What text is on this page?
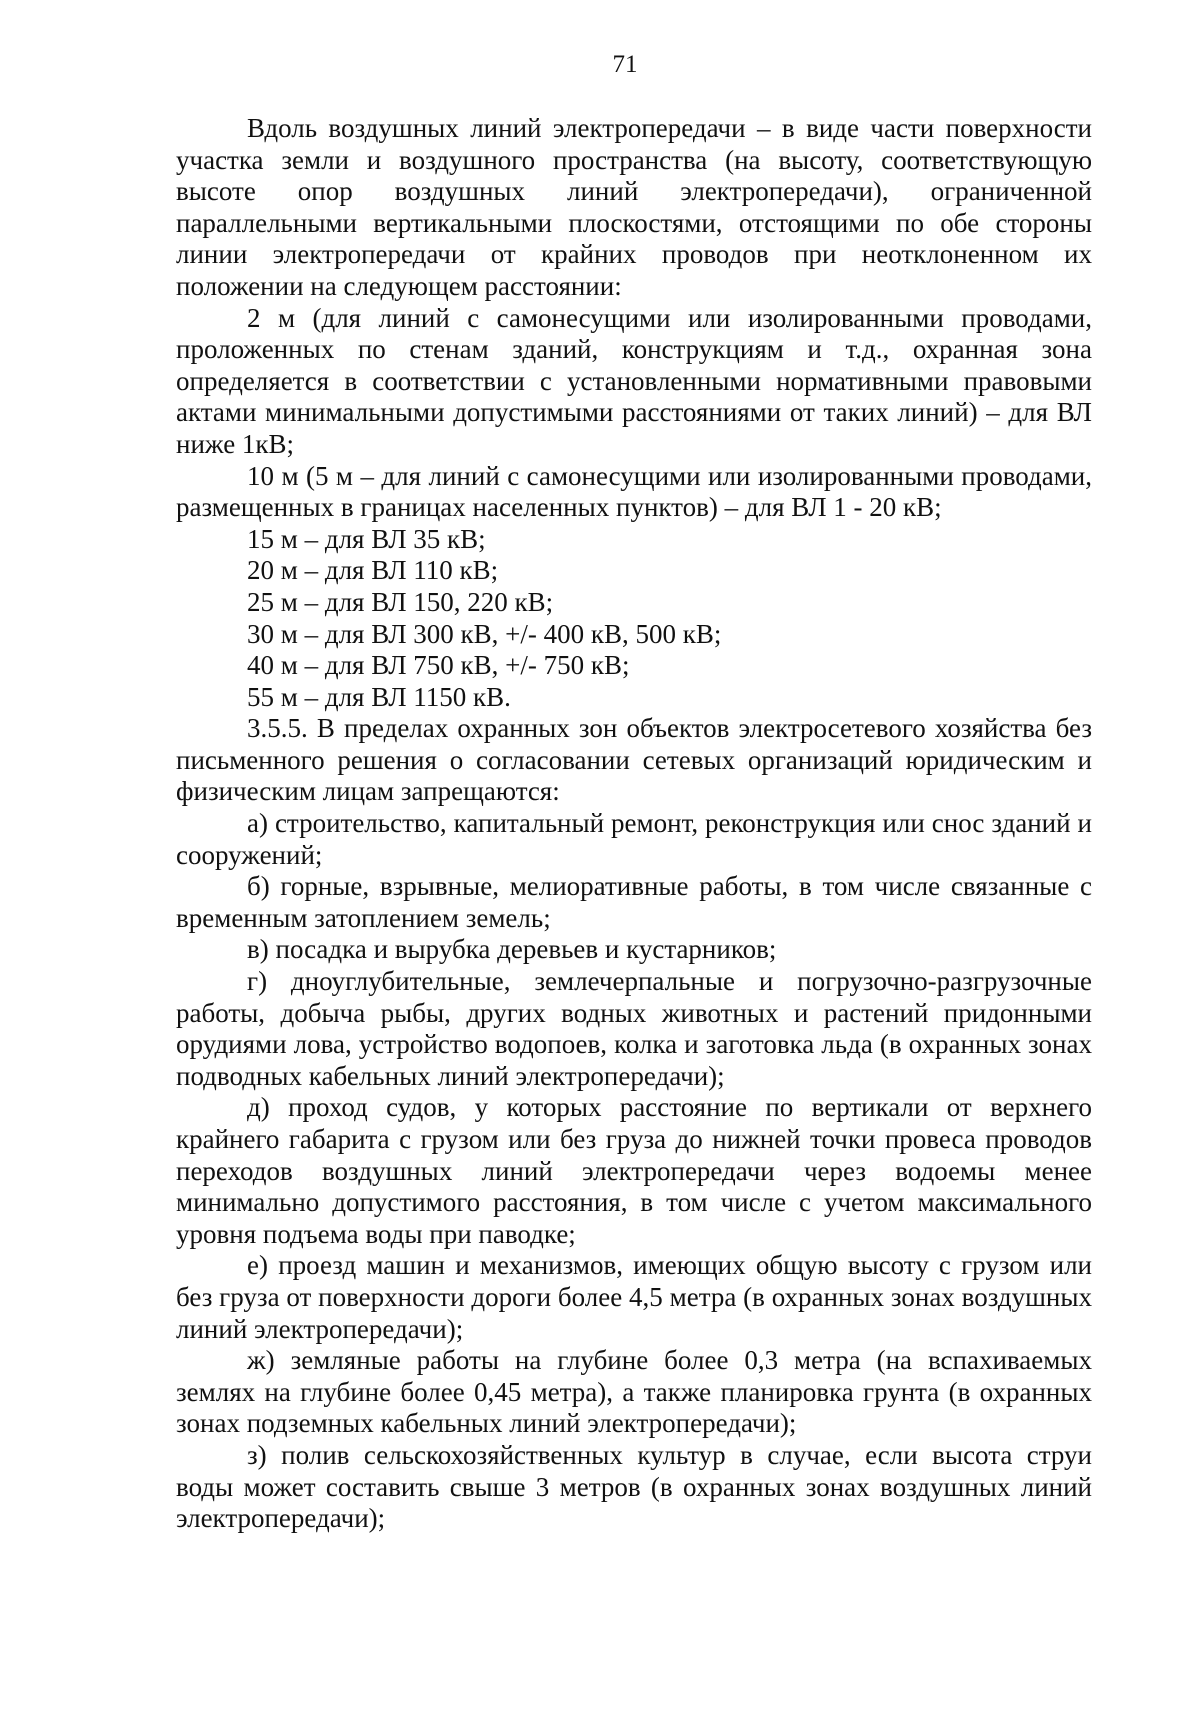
71

Вдоль воздушных линий электропередачи – в виде части поверхности участка земли и воздушного пространства (на высоту, соответствующую высоте опор воздушных линий электропередачи), ограниченной параллельными вертикальными плоскостями, отстоящими по обе стороны линии электропередачи от крайних проводов при неотклоненном их положении на следующем расстоянии:

2 м (для линий с самонесущими или изолированными проводами, проложенных по стенам зданий, конструкциям и т.д., охранная зона определяется в соответствии с установленными нормативными правовыми актами минимальными допустимыми расстояниями от таких линий) – для ВЛ ниже 1кВ;

10 м (5 м – для линий с самонесущими или изолированными проводами, размещенных в границах населенных пунктов) – для ВЛ 1 - 20 кВ;

15 м – для ВЛ 35 кВ;

20 м – для ВЛ 110 кВ;

25 м – для ВЛ 150, 220 кВ;

30 м – для ВЛ 300 кВ, +/- 400 кВ, 500 кВ;

40 м – для ВЛ 750 кВ, +/- 750 кВ;

55 м – для ВЛ 1150 кВ.

3.5.5. В пределах охранных зон объектов электросетевого хозяйства без письменного решения о согласовании сетевых организаций юридическим и физическим лицам запрещаются:

а) строительство, капитальный ремонт, реконструкция или снос зданий и сооружений;

б) горные, взрывные, мелиоративные работы, в том числе связанные с временным затоплением земель;

в) посадка и вырубка деревьев и кустарников;

г) дноуглубительные, землечерпальные и погрузочно-разгрузочные работы, добыча рыбы, других водных животных и растений придонными орудиями лова, устройство водопоев, колка и заготовка льда (в охранных зонах подводных кабельных линий электропередачи);

д) проход судов, у которых расстояние по вертикали от верхнего крайнего габарита с грузом или без груза до нижней точки провеса проводов переходов воздушных линий электропередачи через водоемы менее минимально допустимого расстояния, в том числе с учетом максимального уровня подъема воды при паводке;

е) проезд машин и механизмов, имеющих общую высоту с грузом или без груза от поверхности дороги более 4,5 метра (в охранных зонах воздушных линий электропередачи);

ж) земляные работы на глубине более 0,3 метра (на вспахиваемых землях на глубине более 0,45 метра), а также планировка грунта (в охранных зонах подземных кабельных линий электропередачи);

з) полив сельскохозяйственных культур в случае, если высота струи воды может составить свыше 3 метров (в охранных зонах воздушных линий электропередачи);
